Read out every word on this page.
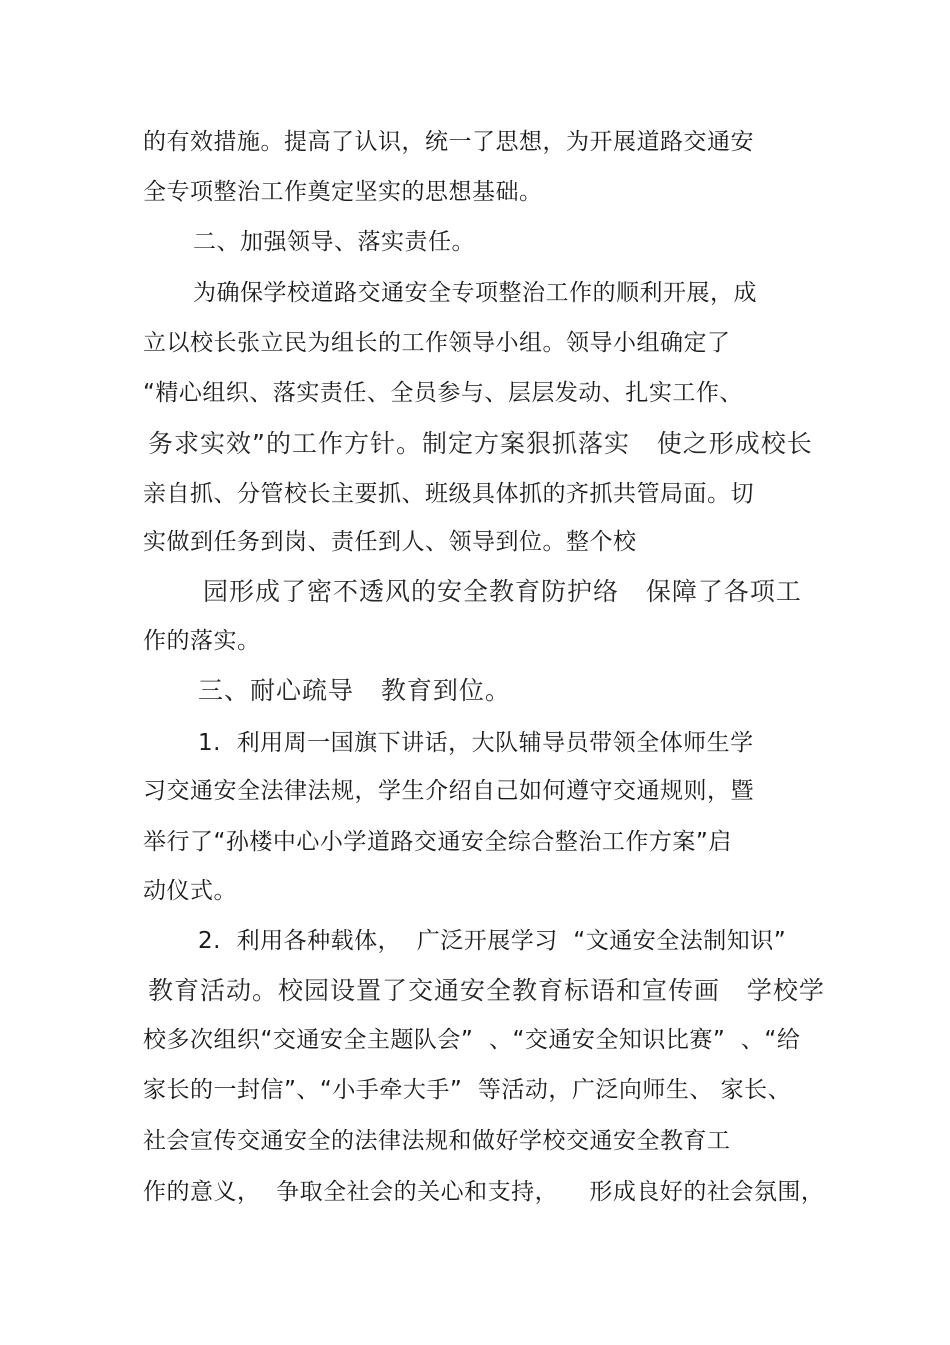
的有效措施。提高了认识，统一了思想，为开展道路交通安
全专项整治工作奠定坚实的思想基础。
二、加强领导、落实责任。
为确保学校道路交通安全专项整治工作的顺利开展，成
立以校长张立民为组长的工作领导小组。领导小组确定了
“精心组织、落实责任、全员参与、层层发动、扎实工作、
务求实效”的工作方针。制定方案狠抓落实   使之形成校长
亲自抓、分管校长主要抓、班级具体抓的齐抓共管局面。切
实做到任务到岗、责任到人、领导到位。整个校
园形成了密不透风的安全教育防护络   保障了各项工
作的落实。
三、耐心疏导   教育到位。
1.  利用周一国旗下讲话，大队辅导员带领全体师生学
习交通安全法律法规，学生介绍自己如何遵守交通规则，暨
举行了“孙楼中心小学道路交通安全综合整治工作方案”启
动仪式。
2.  利用各种载体，  广泛开展学习  “文通安全法制知识”
教育活动。校园设置了交通安全教育标语和宣传画   学校学
校多次组织“交通安全主题队会”  、“交通安全知识比赛”  、“给
家长的一封信”、“小手牵大手”  等活动，广泛向师生、 家长、
社会宣传交通安全的法律法规和做好学校交通安全教育工
作的意义，  争取全社会的关心和支持，    形成良好的社会氛围，
